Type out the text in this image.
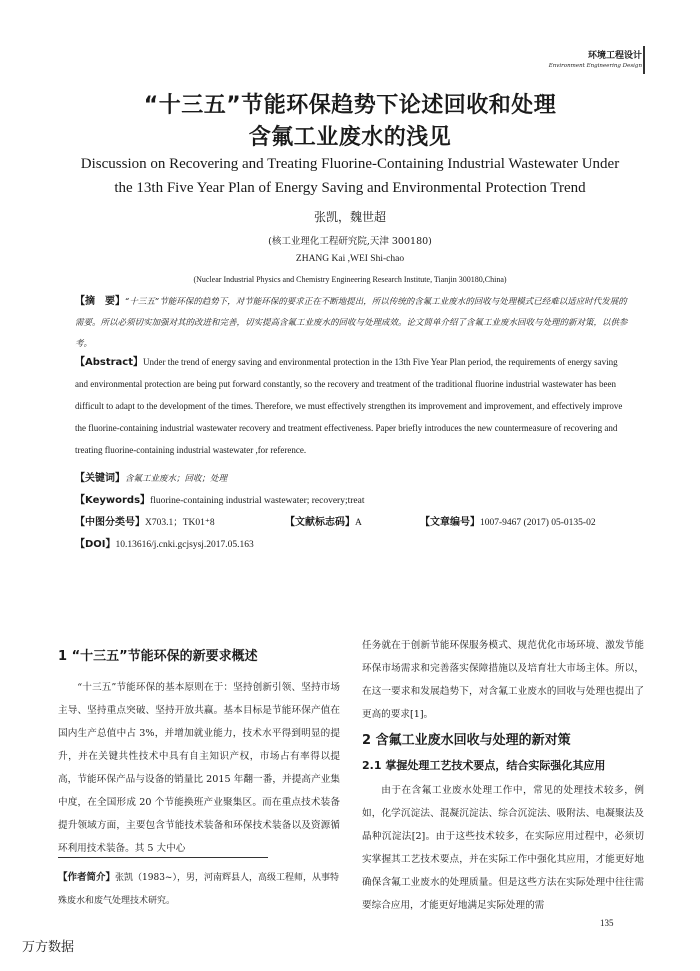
环境工程设计
Environment Engineering Design
“十三五”节能环保趋势下论述回收和处理
含氟工业废水的浅见
Discussion on Recovering and Treating Fluorine-Containing Industrial Wastewater Under
the 13th Five Year Plan of Energy Saving and Environmental Protection Trend
张凯，魏世超
(核工业理化工程研究院,天津 300180)
ZHANG Kai ,WEI Shi-chao
(Nuclear Industrial Physics and Chemistry Engineering Research Institute, Tianjin 300180,China)

【摘　要】“十三五”节能环保的趋势下，对节能环保的要求正在不断地提出，所以传统的含氟工业废水的回收与处理模式已经难以适应时代发展的需要。所以必须切实加强对其的改进和完善，切实提高含氟工业废水的回收与处理成效。论文简单介绍了含氟工业废水回收与处理的新对策，以供参考。

【Abstract】Under the trend of energy saving and environmental protection in the 13th Five Year Plan period, the requirements of energy saving and environmental protection are being put forward constantly, so the recovery and treatment of the traditional fluorine industrial wastewater has been difficult to adapt to the development of the times. Therefore, we must effectively strengthen its improvement and improvement, and effectively improve the fluorine-containing industrial wastewater recovery and treatment effectiveness. Paper briefly introduces the new countermeasure of recovering and treating fluorine-containing industrial wastewater ,for reference.

【关键词】含氟工业废水；回收；处理
【Keywords】fluorine-containing industrial wastewater; recovery;treat
【中图分类号】X703.1；TK01⁺8	【文献标志码】A	【文章编号】1007-9467 (2017) 05-0135-02
【DOI】10.13616/j.cnki.gcjsysj.2017.05.163
1 “十三五”节能环保的新要求概述

“十三五”节能环保的基本原则在于：坚持创新引领、坚持市场主导、坚持重点突破、坚持开放共赢。基本目标是节能环保产值在国内生产总值中占 3%，并增加就业能力，技术水平得到明显的提升，并在关键共性技术中具有自主知识产权，市场占有率得以提高，节能环保产品与设备的销量比 2015 年翻一番，并提高产业集中度，在全国形成 20 个节能换班产业聚集区。而在重点技术装备提升领域方面，主要包含节能技术装备和环保技术装备以及资源循环利用技术装备。其 5 大中心

【作者简介】张凯（1983~），男，河南辉县人，高级工程师，从事特殊废水和废气处理技术研究。

任务就在于创新节能环保服务模式、规范优化市场环境、激发节能环保市场需求和完善落实保障措施以及培育壮大市场主体。所以，在这一要求和发展趋势下，对含氟工业废水的回收与处理也提出了更高的要求[1]。

2 含氟工业废水回收与处理的新对策
2.1 掌握处理工艺技术要点，结合实际强化其应用

由于在含氟工业废水处理工作中，常见的处理技术较多，例如，化学沉淀法、混凝沉淀法、综合沉淀法、吸附法、电凝聚法及晶种沉淀法[2]。由于这些技术较多，在实际应用过程中，必须切实掌握其工艺技术要点，并在实际工作中强化其应用，才能更好地确保含氟工业废水的处理质量。但是这些方法在实际处理中往往需要综合应用，才能更好地满足实际处理的需

135
万方数据
